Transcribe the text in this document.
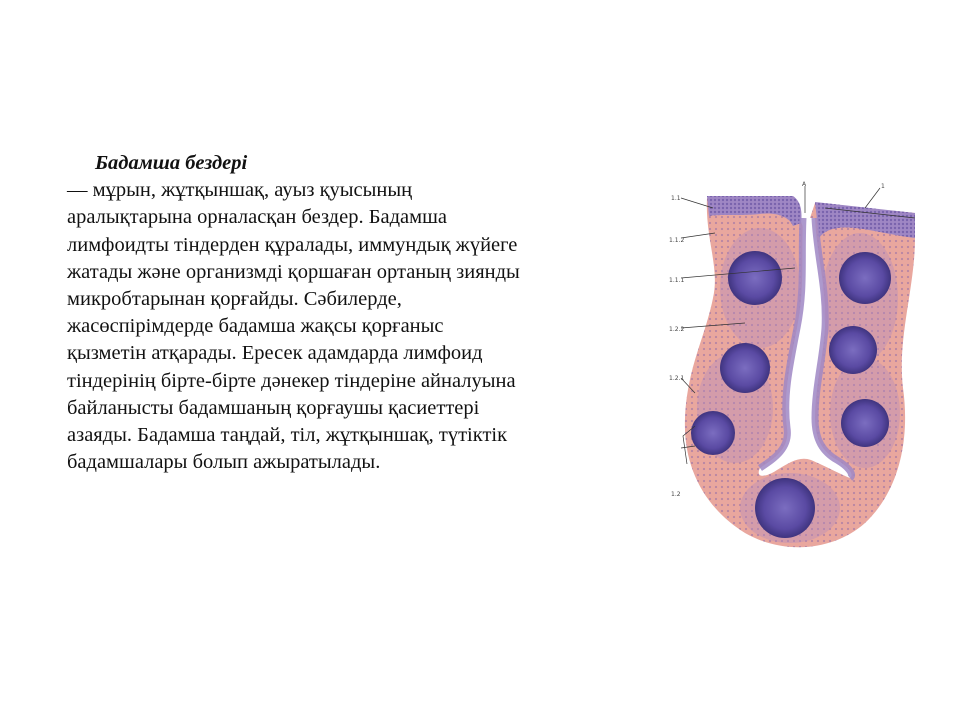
Бадамша бездері
— мұрын, жұтқыншақ, ауыз қуысының
аралықтарына орналасқан бездер. Бадамша
лимфоидты тіндерден құралады, иммундық жүйеге
жатады және организмді қоршаған ортаның зиянды
микробтарынан қорғайды. Сәбилерде,
жасөспірімдерде бадамша жақсы қорғаныс
қызметін атқарады. Ересек адамдарда лимфоид
тіндерінің бірте-бірте дәнекер тіндеріне айналуына
байланысты бадамшаның қорғаушы қасиеттері
азаяды. Бадамша таңдай, тіл, жұтқыншақ, түтіктік
бадамшалары болып ажыратылады.
1.1
1.1.2
1.1.1
1.2.2
1.2.1
1.2
A	1
